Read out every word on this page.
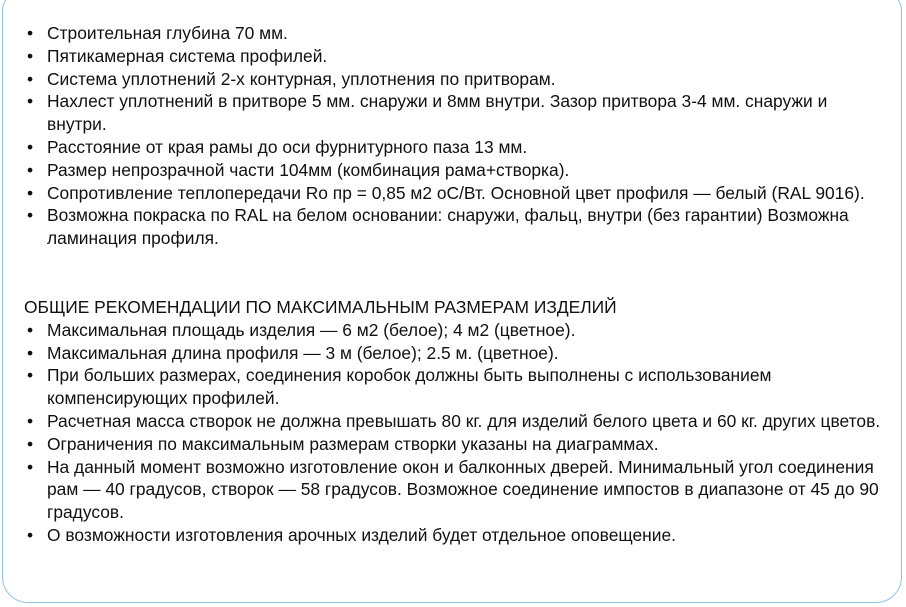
• Строительная глубина 70 мм.
• Пятикамерная система профилей.
• Система уплотнений 2-х контурная, уплотнения по притворам.
• Нахлест уплотнений в притворе 5 мм. снаружи и 8мм внутри. Зазор притвора 3-4 мм. снаружи и внутри.
• Расстояние от края рамы до оси фурнитурного паза 13 мм.
• Размер непрозрачной части 104мм (комбинация рама+створка).
• Сопротивление теплопередачи Ro пр = 0,85 м2 оС/Вт. Основной цвет профиля — белый (RAL 9016).
• Возможна покраска по RAL на белом основании: снаружи, фальц, внутри (без гарантии) Возможна ламинация профиля.
ОБЩИЕ РЕКОМЕНДАЦИИ ПО МАКСИМАЛЬНЫМ РАЗМЕРАМ ИЗДЕЛИЙ
• Максимальная площадь изделия — 6 м2 (белое); 4 м2 (цветное).
• Максимальная длина профиля — 3 м (белое); 2.5 м. (цветное).
• При больших размерах, соединения коробок должны быть выполнены с использованием компенсирующих профилей.
• Расчетная масса створок не должна превышать 80 кг. для изделий белого цвета и 60 кг. других цветов.
• Ограничения по максимальным размерам створки указаны на диаграммах.
• На данный момент возможно изготовление окон и балконных дверей. Минимальный угол соединения рам — 40 градусов, створок — 58 градусов. Возможное соединение импостов в диапазоне от 45 до 90 градусов.
• О возможности изготовления арочных изделий будет отдельное оповещение.
